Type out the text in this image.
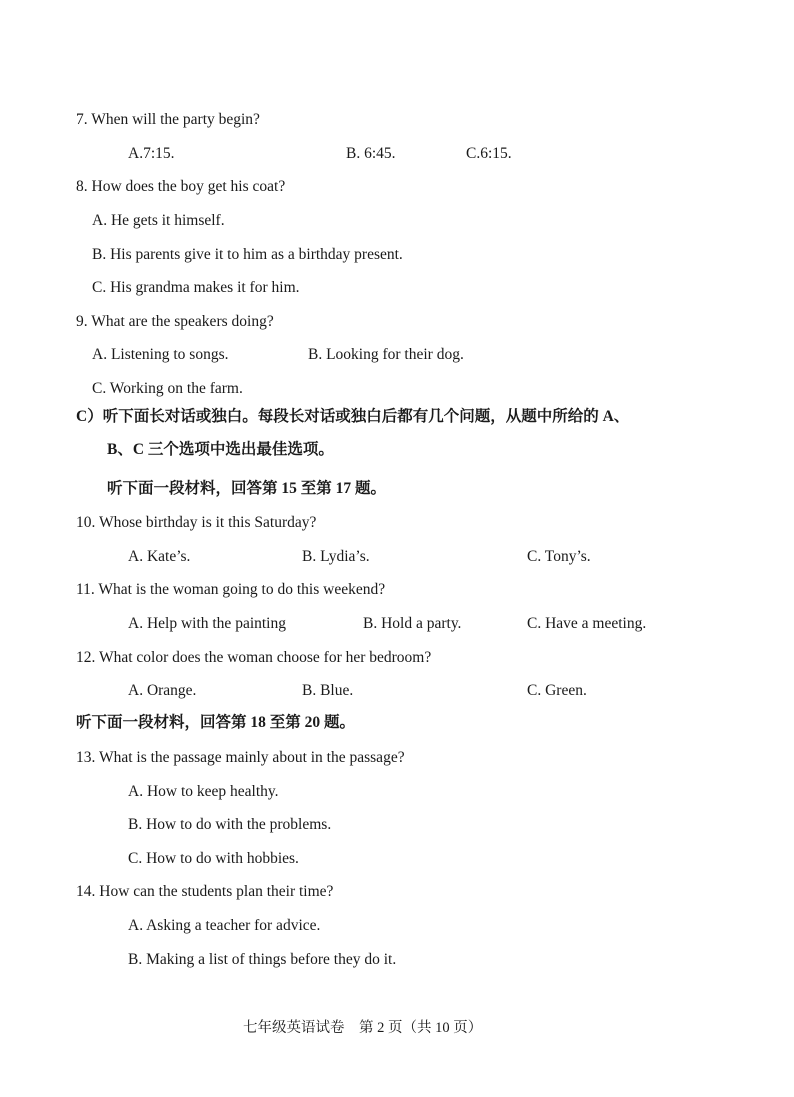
7. When will the party begin?
A.7:15.	B. 6:45.	C.6:15.
8. How does the boy get his coat?
A. He gets it himself.
B. His parents give it to him as a birthday present.
C. His grandma makes it for him.
9. What are the speakers doing?
A. Listening to songs.	B. Looking for their dog.
C. Working on the farm.
C）听下面长对话或独白。每段长对话或独白后都有几个问题，从题中所给的 A、
B、C 三个选项中选出最佳选项。
听下面一段材料，回答第 15 至第 17 题。
10. Whose birthday is it this Saturday?
A. Kate’s.	B. Lydia’s.	C. Tony’s.
11. What is the woman going to do this weekend?
A. Help with the painting	B. Hold a party.	C. Have a meeting.
12. What color does the woman choose for her bedroom?
A. Orange.	B. Blue.	C. Green.
听下面一段材料，回答第 18 至第 20 题。
13. What is the passage mainly about in the passage?
A. How to keep healthy.
B. How to do with the problems.
C. How to do with hobbies.
14. How can the students plan their time?
A. Asking a teacher for advice.
B. Making a list of things before they do it.
七年级英语试卷　第 2 页（共 10 页）
